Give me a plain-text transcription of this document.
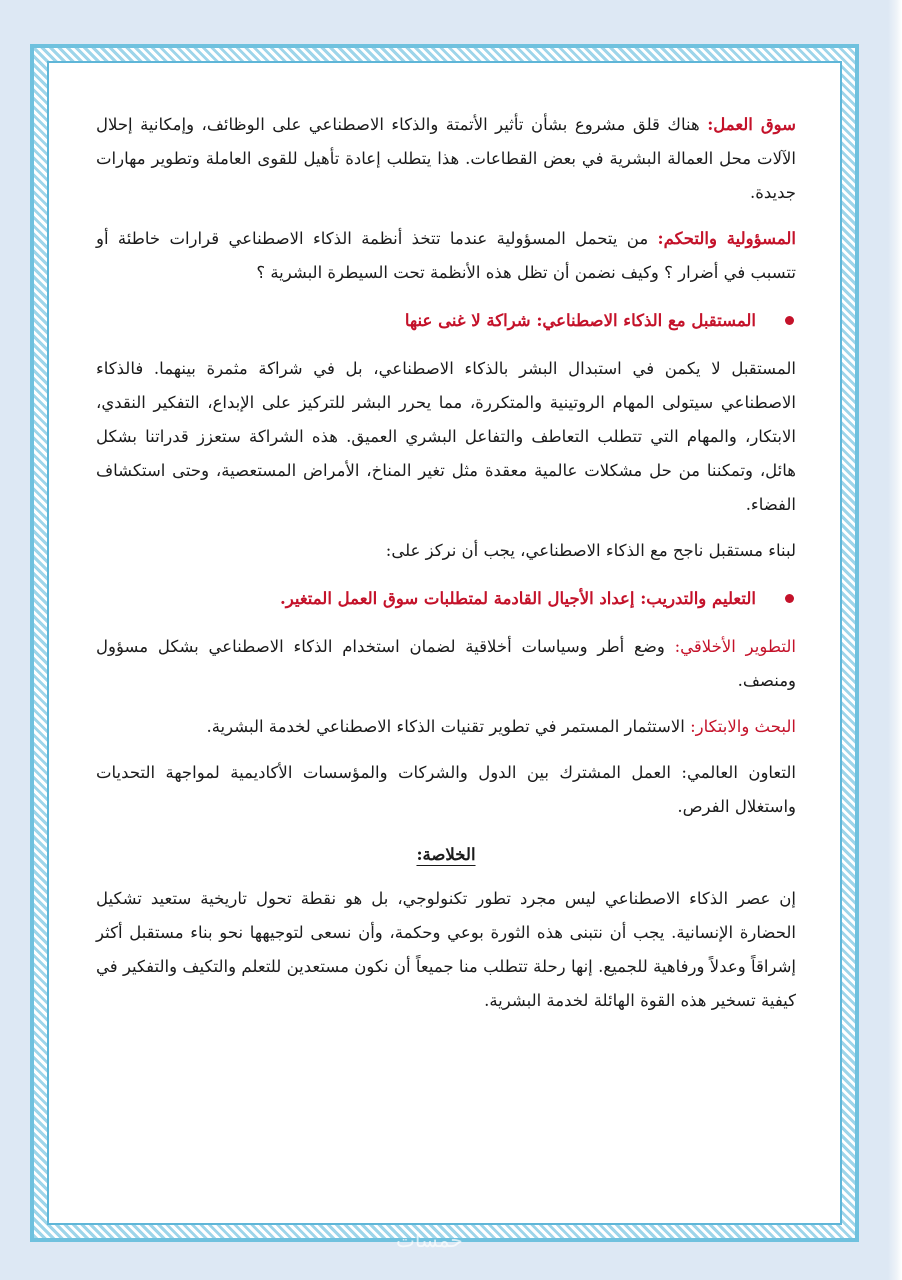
سوق العمل: هناك قلق مشروع بشأن تأثير الأتمتة والذكاء الاصطناعي على الوظائف، وإمكانية إحلال الآلات محل العمالة البشرية في بعض القطاعات. هذا يتطلب إعادة تأهيل للقوى العاملة وتطوير مهارات جديدة.

المسؤولية والتحكم: من يتحمل المسؤولية عندما تتخذ أنظمة الذكاء الاصطناعي قرارات خاطئة أو تتسبب في أضرار ؟ وكيف نضمن أن تظل هذه الأنظمة تحت السيطرة البشرية ؟

المستقبل مع الذكاء الاصطناعي: شراكة لا غنى عنها

المستقبل لا يكمن في استبدال البشر بالذكاء الاصطناعي، بل في شراكة مثمرة بينهما. فالذكاء الاصطناعي سيتولى المهام الروتينية والمتكررة، مما يحرر البشر للتركيز على الإبداع، التفكير النقدي، الابتكار، والمهام التي تتطلب التعاطف والتفاعل البشري العميق. هذه الشراكة ستعزز قدراتنا بشكل هائل، وتمكننا من حل مشكلات عالمية معقدة مثل تغير المناخ، الأمراض المستعصية، وحتى استكشاف الفضاء.

لبناء مستقبل ناجح مع الذكاء الاصطناعي، يجب أن نركز على:

التعليم والتدريب: إعداد الأجيال القادمة لمتطلبات سوق العمل المتغير.

التطوير الأخلاقي: وضع أطر وسياسات أخلاقية لضمان استخدام الذكاء الاصطناعي بشكل مسؤول ومنصف.

البحث والابتكار: الاستثمار المستمر في تطوير تقنيات الذكاء الاصطناعي لخدمة البشرية.

التعاون العالمي: العمل المشترك بين الدول والشركات والمؤسسات الأكاديمية لمواجهة التحديات واستغلال الفرص.

الخلاصة:

إن عصر الذكاء الاصطناعي ليس مجرد تطور تكنولوجي، بل هو نقطة تحول تاريخية ستعيد تشكيل الحضارة الإنسانية. يجب أن نتبنى هذه الثورة بوعي وحكمة، وأن نسعى لتوجيهها نحو بناء مستقبل أكثر إشراقاً وعدلاً ورفاهية للجميع. إنها رحلة تتطلب منا جميعاً أن نكون مستعدين للتعلم والتكيف والتفكير في كيفية تسخير هذه القوة الهائلة لخدمة البشرية.

خمسات
